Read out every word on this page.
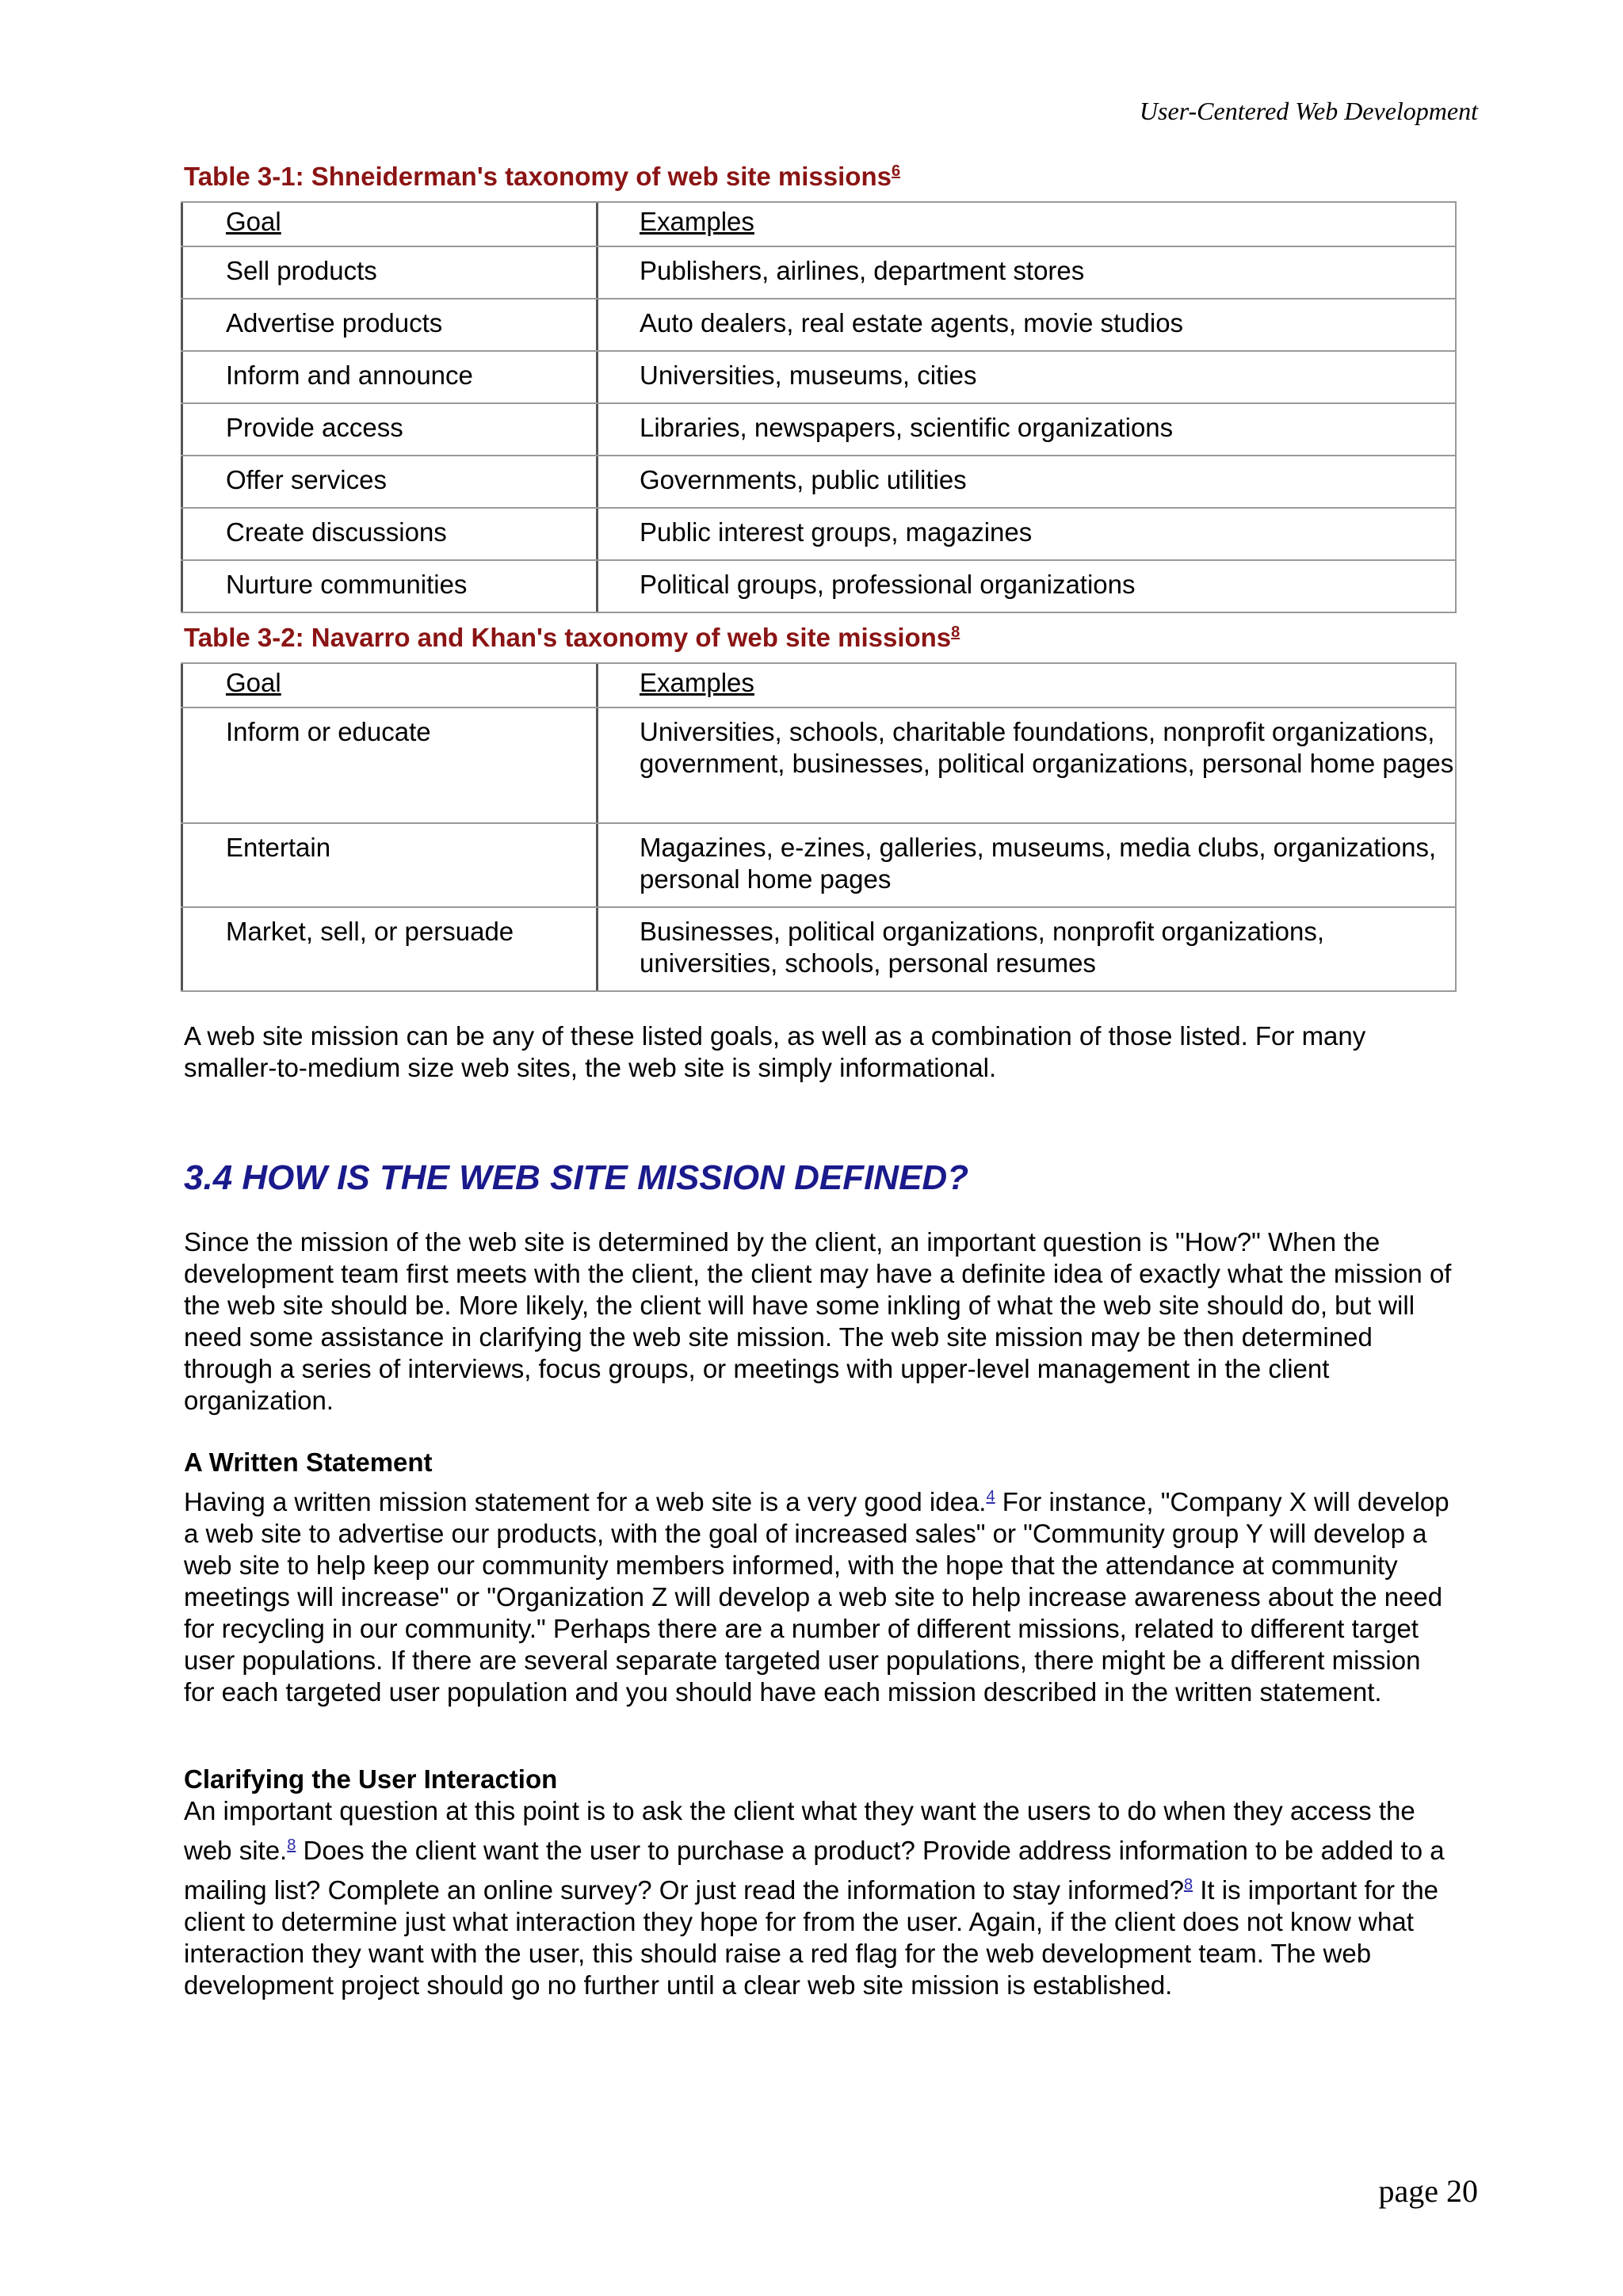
User-Centered Web Development
Table 3-1: Shneiderman's taxonomy of web site missions$^6$
Goal	Examples
Sell products	Publishers, airlines, department stores
Advertise products	Auto dealers, real estate agents, movie studios
Inform and announce	Universities, museums, cities
Provide access	Libraries, newspapers, scientific organizations
Offer services	Governments, public utilities
Create discussions	Public interest groups, magazines
Nurture communities	Political groups, professional organizations
Table 3-2: Navarro and Khan's taxonomy of web site missions$^8$
Goal	Examples
Inform or educate	Universities, schools, charitable foundations, nonprofit organizations, government, businesses, political organizations, personal home pages
Entertain	Magazines, e-zines, galleries, museums, media clubs, organizations, personal home pages
Market, sell, or persuade	Businesses, political organizations, nonprofit organizations, universities, schools, personal resumes
A web site mission can be any of these listed goals, as well as a combination of those listed. For many smaller-to-medium size web sites, the web site is simply informational.
3.4 HOW IS THE WEB SITE MISSION DEFINED?
Since the mission of the web site is determined by the client, an important question is "How?" When the development team first meets with the client, the client may have a definite idea of exactly what the mission of the web site should be. More likely, the client will have some inkling of what the web site should do, but will need some assistance in clarifying the web site mission. The web site mission may be then determined through a series of interviews, focus groups, or meetings with upper-level management in the client organization.
A Written Statement
Having a written mission statement for a web site is a very good idea.$^4$ For instance, "Company X will develop a web site to advertise our products, with the goal of increased sales" or "Community group Y will develop a web site to help keep our community members informed, with the hope that the attendance at community meetings will increase" or "Organization Z will develop a web site to help increase awareness about the need for recycling in our community." Perhaps there are a number of different missions, related to different target user populations. If there are several separate targeted user populations, there might be a different mission for each targeted user population and you should have each mission described in the written statement.
Clarifying the User Interaction
An important question at this point is to ask the client what they want the users to do when they access the web site.$^8$ Does the client want the user to purchase a product? Provide address information to be added to a mailing list? Complete an online survey? Or just read the information to stay informed?$^8$ It is important for the client to determine just what interaction they hope for from the user. Again, if the client does not know what interaction they want with the user, this should raise a red flag for the web development team. The web development project should go no further until a clear web site mission is established.
page 20
